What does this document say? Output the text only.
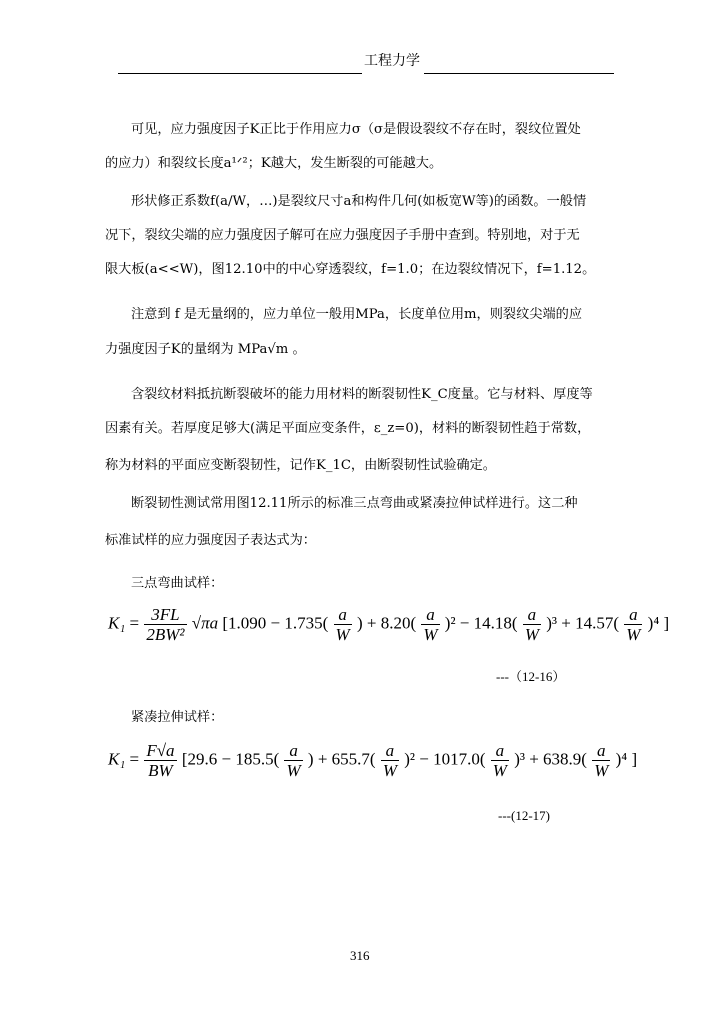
工程力学
可见，应力强度因子K正比于作用应力σ（σ是假设裂纹不存在时，裂纹位置处
的应力）和裂纹长度a¹ᐟ²；K越大，发生断裂的可能越大。
形状修正系数f(a/W，…)是裂纹尺寸a和构件几何(如板宽W等)的函数。一般情
况下，裂纹尖端的应力强度因子解可在应力强度因子手册中查到。特别地，对于无
限大板(a<<W)，图12.10中的中心穿透裂纹，f=1.0；在边裂纹情况下，f=1.12。
注意到 f 是无量纲的，应力单位一般用MPa，长度单位用m，则裂纹尖端的应
力强度因子K的量纲为 MPa√m 。
含裂纹材料抵抗断裂破坏的能力用材料的断裂韧性K_C度量。它与材料、厚度等
因素有关。若厚度足够大(满足平面应变条件，ε_z=0)，材料的断裂韧性趋于常数，
称为材料的平面应变断裂韧性，记作K_1C，由断裂韧性试验确定。
断裂韧性测试常用图12.11所示的标准三点弯曲或紧凑拉伸试样进行。这二种
标准试样的应力强度因子表达式为：
三点弯曲试样：
$K_1 = \frac{3FL}{\text{2BW²}} √\pi a$ [$1.090 - 1.735( \frac{a}{W}$ ) + $8.20( \frac{a}{W} )^2 - 14.18( \frac{a}{W} )^3 + 14.57( \frac{a}{W} )^4$ ]
---（12-16）
紧凑拉伸试样：
$K_1 = \frac{F√a}{BW} [29.6 - 185.5( \frac{a}{W}$ ) + $655.7( \frac{a}{W} )^2 - 1017.0( \frac{a}{W} )^3 + 638.9( \frac{a}{W} )^4$ ]
---(12-17)
316
